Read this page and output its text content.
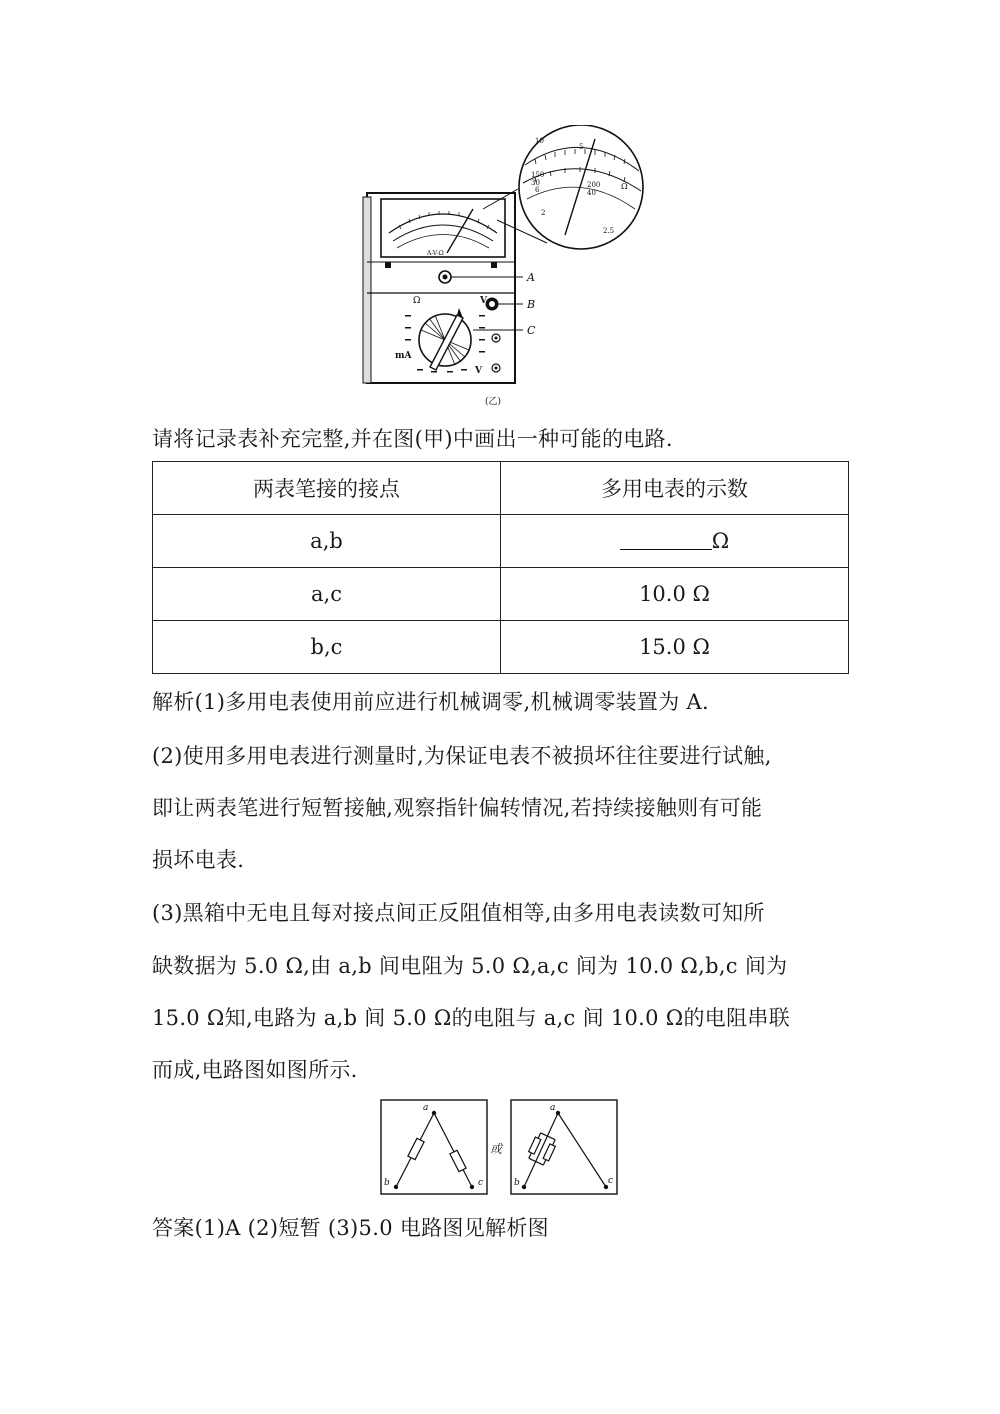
A-V-Ω
A
C
B
Ω	V
mA
V
10
5
150
30
6
200
40
Ω
2
2.5
(乙)
请将记录表补充完整,并在图(甲)中画出一种可能的电路.
两表笔接的接点	多用电表的示数
a,b	Ω
a,c	10.0 Ω
b,c	15.0 Ω
解析(1)多用电表使用前应进行机械调零,机械调零装置为 A.
(2)使用多用电表进行测量时,为保证电表不被损坏往往要进行试触,
即让两表笔进行短暂接触,观察指针偏转情况,若持续接触则有可能
损坏电表.
(3)黑箱中无电且每对接点间正反阻值相等,由多用电表读数可知所
缺数据为 5.0 Ω,由 a,b 间电阻为 5.0 Ω,a,c 间为 10.0 Ω,b,c 间为
15.0 Ω知,电路为 a,b 间 5.0 Ω的电阻与 a,c 间 10.0 Ω的电阻串联
而成,电路图如图所示.
a
b	c
或
a
b	c
答案(1)A (2)短暂 (3)5.0 电路图见解析图
